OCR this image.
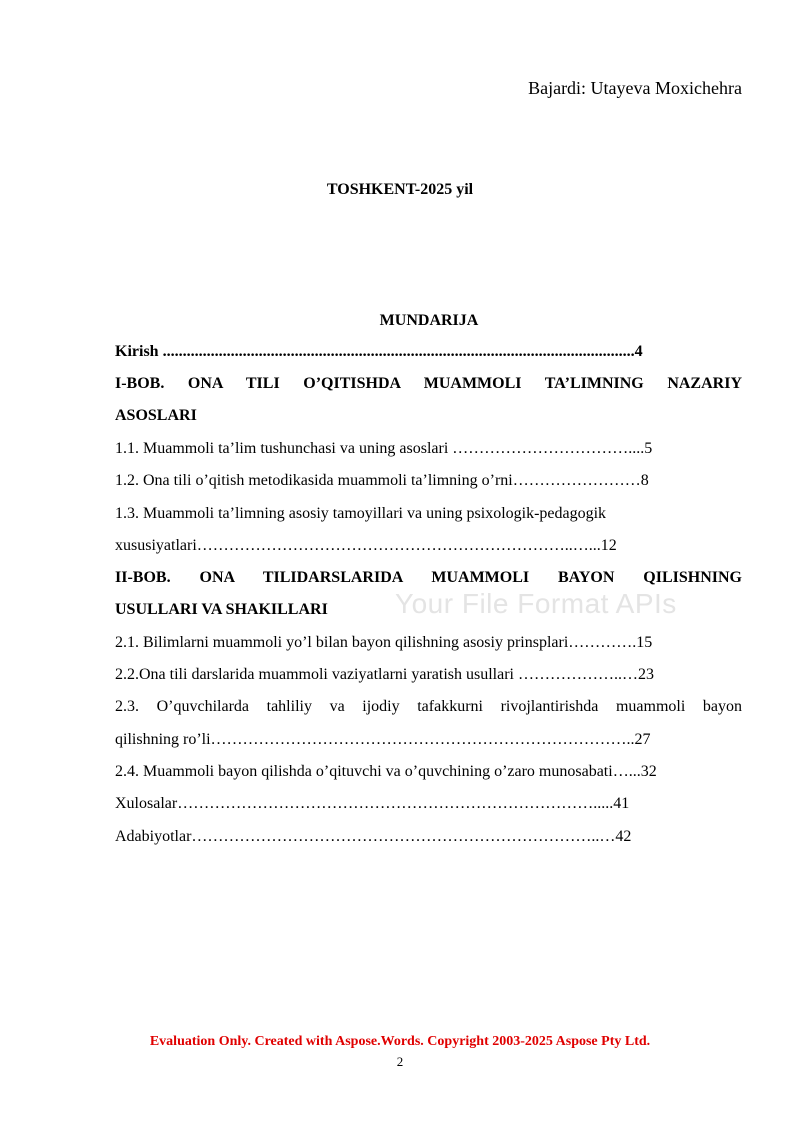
Bajardi: Utayeva Moxichehra
TOSHKENT-2025 yil
MUNDARIJA
Your File Format APIs
Kirish ......................................................................................................................4
I-BOB. ONA TILI O’QITISHDA MUAMMOLI TA’LIMNING NAZARIY
ASOSLARI
1.1. Muammoli ta’lim tushunchasi va uning asoslari ……………………………....5
1.2. Ona tili o’qitish metodikasida muammoli ta’limning o’rni……………………8
1.3. Muammoli ta’limning asosiy tamoyillari va uning psixologik-pedagogik
xususiyatlari……………………………………………………………..…...12
II-BOB. ONA TILIDARSLARIDA MUAMMOLI BAYON QILISHNING
USULLARI VA SHAKILLARI
2.1. Bilimlarni muammoli yo’l bilan bayon qilishning asosiy prinsplari………….15
2.2.Ona tili darslarida muammoli vaziyatlarni yaratish usullari ………………..…23
2.3. O’quvchilarda tahliliy va ijodiy tafakkurni rivojlantirishda muammoli bayon
qilishning ro’li……………………………………………………………………..27
2.4. Muammoli bayon qilishda o’qituvchi va o’quvchining o’zaro munosabati…...32
Xulosalar…………………………………………………………………….....41
Adabiyotlar…………………………………………………………………..…42
Evaluation Only. Created with Aspose.Words. Copyright 2003-2025 Aspose Pty Ltd.
2
